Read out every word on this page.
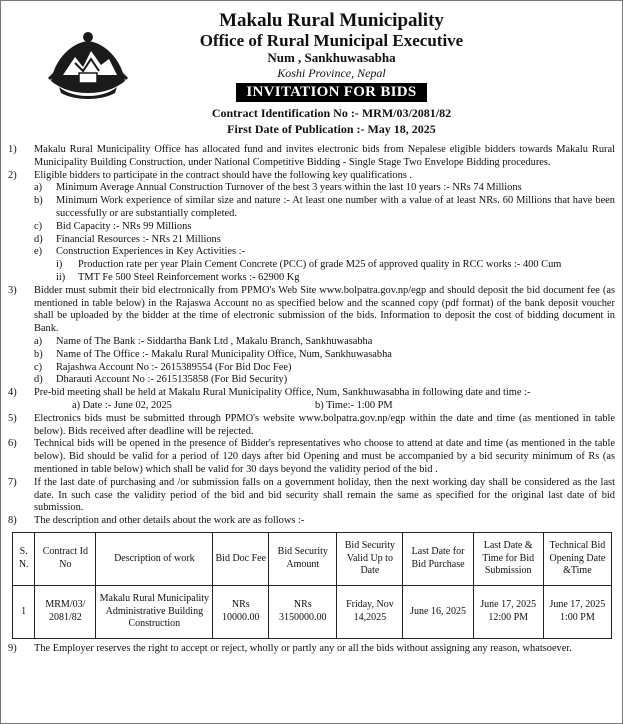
Makalu Rural Municipality
Office of Rural Municipal Executive
Num , Sankhuwasabha
Koshi Province, Nepal
INVITATION FOR BIDS
Contract Identification No :- MRM/03/2081/82
First Date of Publication :- May 18, 2025
1)	Makalu Rural Municipality Office has allocated fund and invites electronic bids from Nepalese eligible bidders towards Makalu Rural Municipality Building Construction, under National Competitive Bidding - Single Stage Two Envelope Bidding procedures.
2)	Eligible bidders to participate in the contract should have the following key qualifications .
a)	Minimum Average Annual Construction Turnover of the best 3 years within the last 10 years :- NRs 74 Millions
b)	Minimum Work experience of similar size and nature :- At least one number with a value of at least NRs. 60 Millions that have been successfully or are substantially completed.
c)	Bid Capacity :- NRs 99 Millions
d)	Financial Resources :- NRs 21 Millions
e)	Construction Experiences in Key Activities :-
i)	Production rate per year Plain Cement Concrete (PCC) of grade M25 of approved quality in RCC works :- 400 Cum
ii)	TMT Fe 500 Steel Reinforcement works :- 62900 Kg
3)	Bidder must submit their bid electronically from PPMO's Web Site www.bolpatra.gov.np/egp and should deposit the bid document fee (as mentioned in table below) in the Rajaswa Account no as specified below and the scanned copy (pdf format) of the bank deposit voucher shall be uploaded by the bidder at the time of electronic submission of the bids. Information to deposit the cost of bidding document in Bank.
a)	Name of The Bank :- Siddartha Bank Ltd , Makalu Branch, Sankhuwasabha
b)	Name of The Office :- Makalu Rural Municipality Office, Num, Sankhuwasabha
c)	Rajashwa Account No :- 2615389554 (For Bid Doc Fee)
d)	Dharauti Account No :- 2615135858 (For Bid Security)
4)	Pre-bid meeting shall be held at Makalu Rural Municipality Office, Num, Sankhuwasabha in following date and time :-
a) Date :- June 02, 2025	b) Time:- 1:00 PM
5)	Electronics bids must be submitted through PPMO's website www.bolpatra.gov.np/egp within the date and time (as mentioned in table below). Bids received after deadline will be rejected.
6)	Technical bids will be opened in the presence of Bidder's representatives who choose to attend at date and time (as mentioned in the table below). Bid should be valid for a period of 120 days after bid Opening and must be accompanied by a bid security minimum of Rs (as mentioned in table below) which shall be valid for 30 days beyond the validity period of the bid .
7)	If the last date of purchasing and /or submission falls on a government holiday, then the next working day shall be considered as the last date. In such case the validity period of the bid and bid security shall remain the same as specified for the original last date of bid submission.
8)	The description and other details about the work are as follows :-
S. N.	Contract Id No	Description of work	Bid Doc Fee	Bid Security Amount	Bid Security Valid Up to Date	Last Date for Bid Purchase	Last Date & Time for Bid Submission	Technical Bid Opening Date &Time
1	MRM/03/ 2081/82	Makalu Rural Municipality Administrative Building Construction	NRs 10000.00	NRs 3150000.00	Friday, Nov 14,2025	June 16, 2025	June 17, 2025 12:00 PM	June 17, 2025 1:00 PM
9)	The Employer reserves the right to accept or reject, wholly or partly any or all the bids without assigning any reason, whatsoever.
